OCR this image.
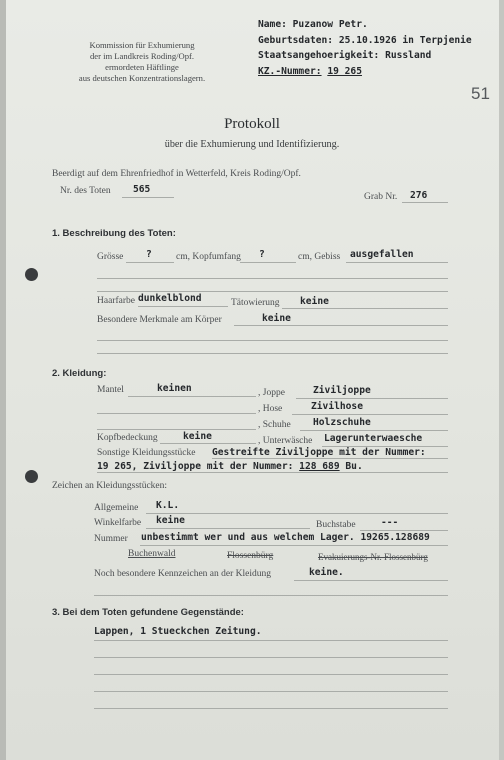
Kommission für Exhumierung
der im Landkreis Roding/Opf.
ermordeten Häftlinge
aus deutschen Konzentrationslagern.
Name: Puzanow Petr.
Geburtsdaten: 25.10.1926 in Terpjenie
Staatsangehoerigkeit: Russland
KZ.-Nummer: 19 265
51
Protokoll
über die Exhumierung und Identifizierung.
Beerdigt auf dem Ehrenfriedhof in Wetterfeld, Kreis Roding/Opf.
Nr. des Toten 565
Grab Nr. 276
1. Beschreibung des Toten:
Grösse ?	cm, Kopfumfang ?	cm, Gebiss ausgefallen
Haarfarbe dunkelblond	Tätowierung keine
Besondere Merkmale am Körper	keine
2. Kleidung:
Mantel	keinen	, Joppe	Ziviljoppe
, Hose	Zivilhose
, Schuhe Holzschuhe
Kopfbedeckung	keine	, Unterwäsche Lagerunterwaesche
Sonstige Kleidungsstücke Gestreifte Ziviljoppe mit der Nummer:
19 265, Ziviljoppe mit der Nummer: 128 689 Bu.
Zeichen an Kleidungsstücken:
Allgemeine K.L.
Winkelfarbe keine	Buchstabe	---
Nummer unbestimmt wer und aus welchem Lager. 19265.128689
Buchenwald	Flossenbürg	Evakuierungs-Nr. Flossenbürg
Noch besondere Kennzeichen an der Kleidung	keine.
3. Bei dem Toten gefundene Gegenstände:
Lappen, 1 Stueckchen Zeitung.
